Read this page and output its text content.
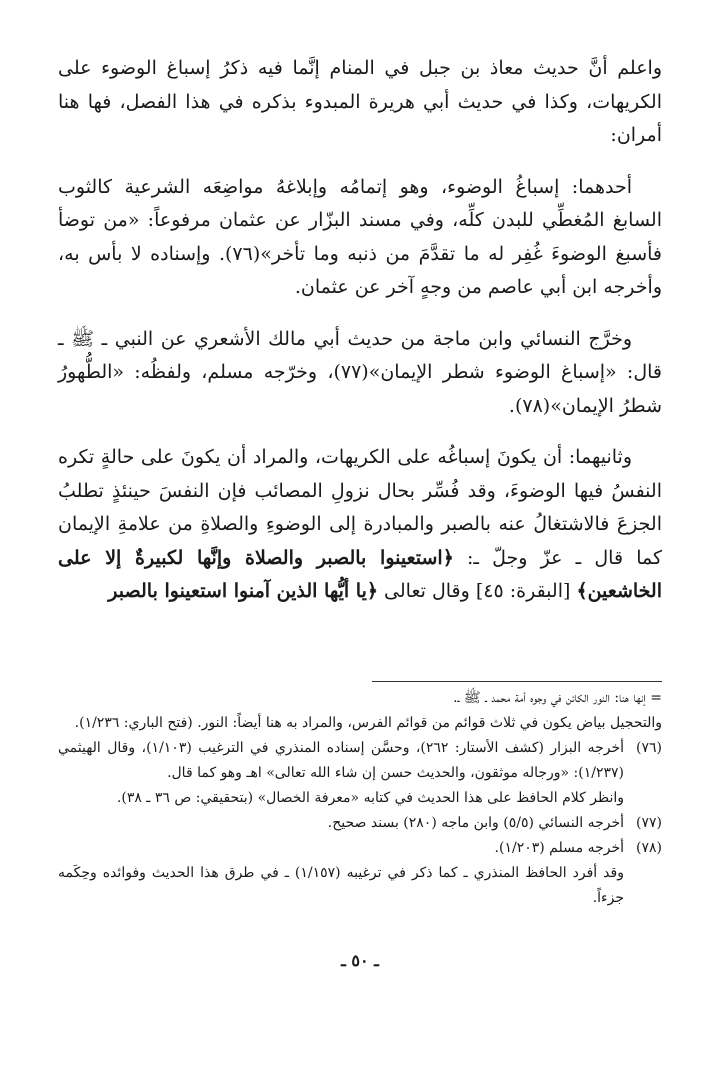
واعلم أنَّ حديث معاذ بن جبل في المنام إنَّما فيه ذكرُ إسباغ الوضوء على الكريهات، وكذا في حديث أبي هريرة المبدوء بذكره في هذا الفصل، فها هنا أمران:

أحدهما: إسباغُ الوضوء، وهو إتمامُه وإبلاغهُ مواضِعَه الشرعية كالثوب السابغ المُغطِّي للبدن كلِّه، وفي مسند البزّار عن عثمان مرفوعاً: «من توضأ فأسبغ الوضوءَ غُفِر له ما تقدَّمَ من ذنبه وما تأخر»(٧٦). وإسناده لا بأس به، وأخرجه ابن أبي عاصم من وجهٍ آخر عن عثمان.

وخرَّج النسائي وابن ماجة من حديث أبي مالك الأشعري عن النبي ـ ﷺ ـ قال: «إسباغ الوضوء شطر الإيمان»(٧٧)، وخرّجه مسلم، ولفظُه: «الطُّهورُ شطرُ الإيمان»(٧٨).

وثانيهما: أن يكونَ إسباغُه على الكريهات، والمراد أن يكونَ على حالةٍ تكره النفسُ فيها الوضوءَ، وقد فُسِّر بحال نزولِ المصائب فإن النفسَ حينئذٍ تطلبُ الجزعَ فالاشتغالُ عنه بالصبر والمبادرة إلى الوضوءِ والصلاةِ من علامةِ الإيمان كما قال ـ عزّ وجلّ ـ: ﴿استعينوا بالصبر والصلاة وإنَّها لكبيرةٌ إلا على الخاشعين﴾ [البقرة: ٤٥] وقال تعالى ﴿يا أيُّها الذين آمنوا استعينوا بالصبر

= إنها هنا: النور الكائن في وجوه أمة محمد ـ ﷺ ـ.
والتحجيل بياض يكون في ثلاث قوائم من قوائم الفرس، والمراد به هنا أيضاً: النور. (فتح الباري: ١/٢٣٦).
(٧٦)
أخرجه البزار (كشف الأستار: ٢٦٢)، وحسَّن إسناده المنذري في الترغيب (١/١٠٣)، وقال الهيثمي (١/٢٣٧): «ورجاله موثقون، والحديث حسن إن شاء الله تعالى» اهـ وهو كما قال.
وانظر كلام الحافظ على هذا الحديث في كتابه «معرفة الخصال» (بتحقيقي: ص ٣٦ ـ ٣٨).
(٧٧)
أخرجه النسائي (٥/٥) وابن ماجه (٢٨٠) بسند صحيح.
(٧٨)
أخرجه مسلم (١/٢٠٣).
وقد أفرد الحافظ المنذري ـ كما ذكر في ترغيبه (١/١٥٧) ـ في طرق هذا الحديث وفوائده وحِكَمه جزءاً.
ـ ٥٠ ـ
